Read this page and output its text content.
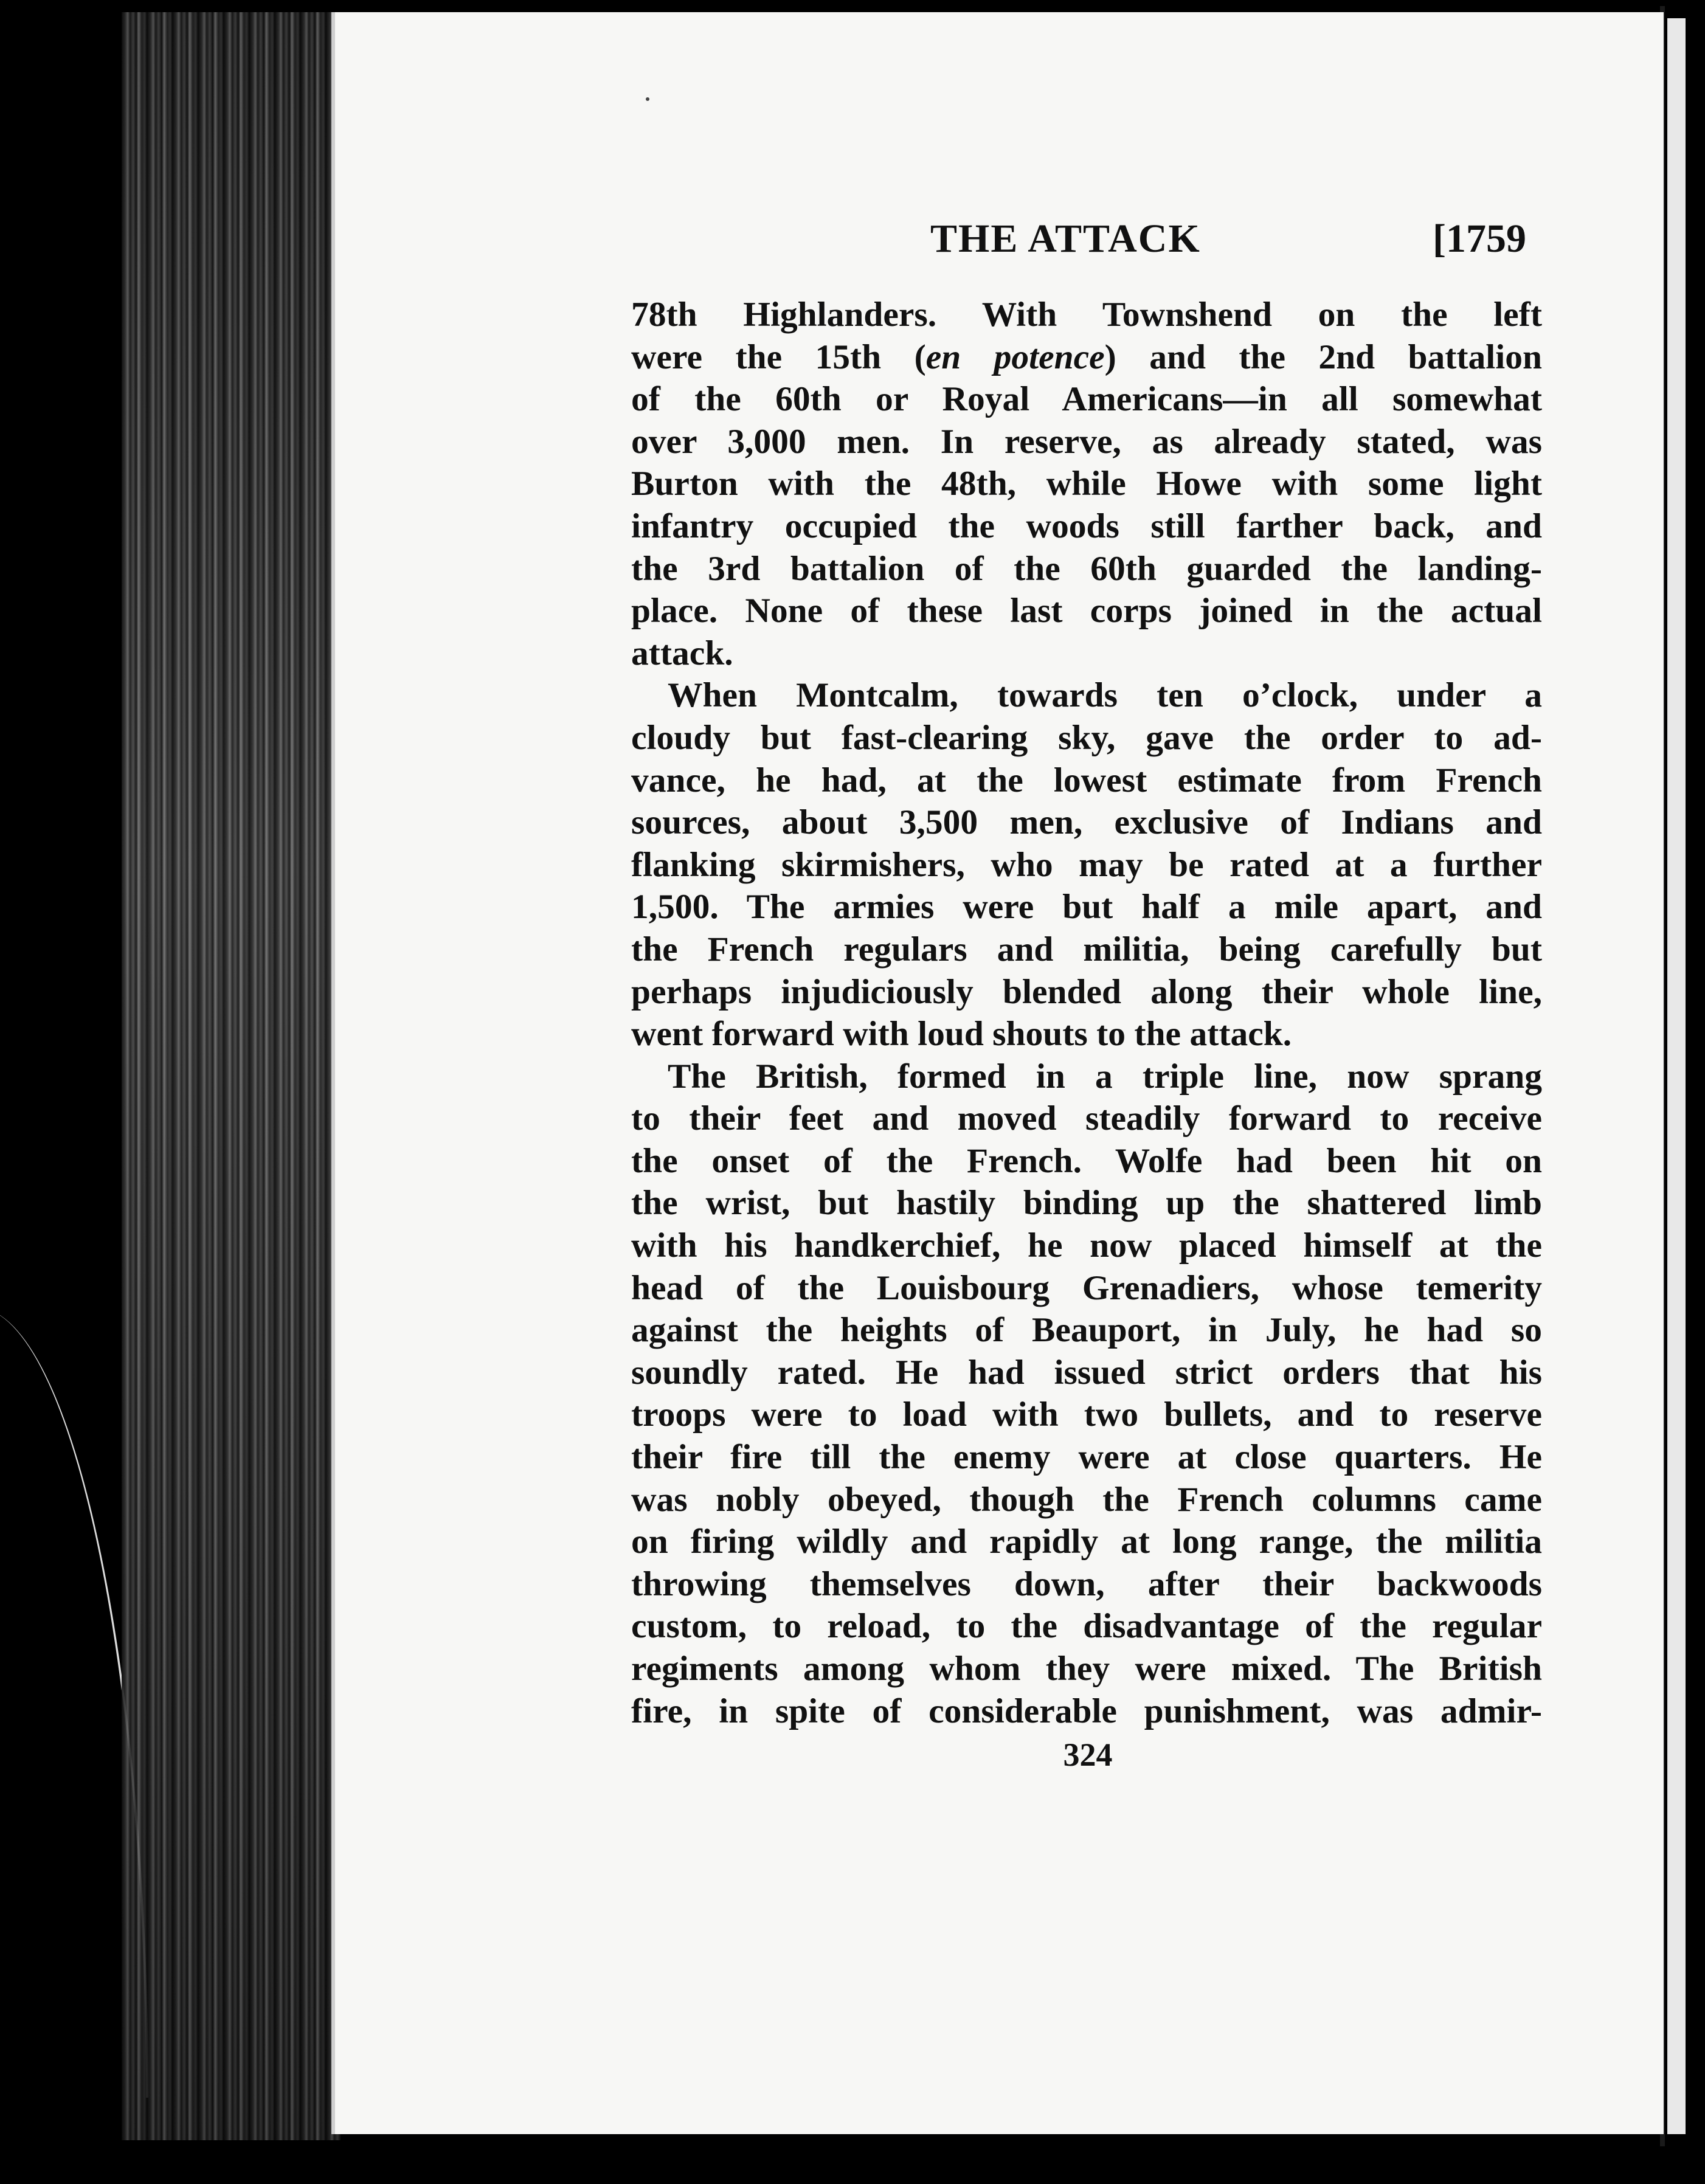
THE ATTACK	[1759
78th Highlanders. With Townshend on the left
were the 15th (en potence) and the 2nd battalion
of the 60th or Royal Americans—in all somewhat
over 3,000 men. In reserve, as already stated, was
Burton with the 48th, while Howe with some light
infantry occupied the woods still farther back, and
the 3rd battalion of the 60th guarded the landing-
place. None of these last corps joined in the actual
attack.
When Montcalm, towards ten o’clock, under a
cloudy but fast-clearing sky, gave the order to ad-
vance, he had, at the lowest estimate from French
sources, about 3,500 men, exclusive of Indians and
flanking skirmishers, who may be rated at a further
1,500. The armies were but half a mile apart, and
the French regulars and militia, being carefully but
perhaps injudiciously blended along their whole line,
went forward with loud shouts to the attack.
The British, formed in a triple line, now sprang
to their feet and moved steadily forward to receive
the onset of the French. Wolfe had been hit on
the wrist, but hastily binding up the shattered limb
with his handkerchief, he now placed himself at the
head of the Louisbourg Grenadiers, whose temerity
against the heights of Beauport, in July, he had so
soundly rated. He had issued strict orders that his
troops were to load with two bullets, and to reserve
their fire till the enemy were at close quarters. He
was nobly obeyed, though the French columns came
on firing wildly and rapidly at long range, the militia
throwing themselves down, after their backwoods
custom, to reload, to the disadvantage of the regular
regiments among whom they were mixed. The British
fire, in spite of considerable punishment, was admir-
324
